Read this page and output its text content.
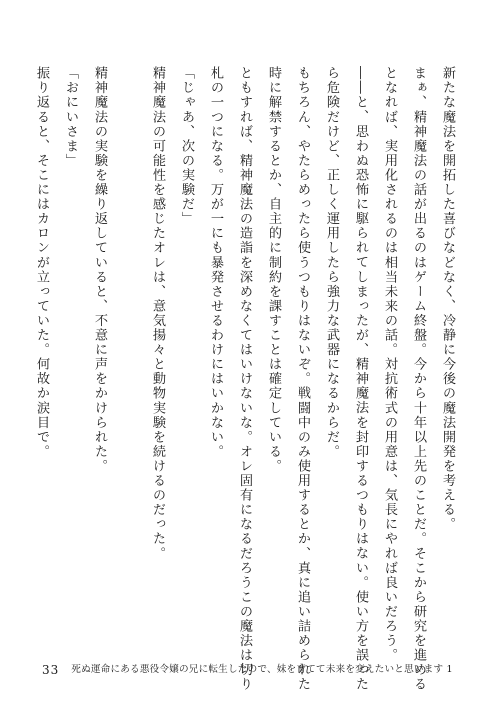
新たな魔法を開拓した喜びなどなく、冷静に今後の魔法開発を考える。
まぁ、精神魔法の話が出るのはゲーム終盤。今から十年以上先のことだ。そこから研究を進める
となれば、実用化されるのは相当未来の話。対抗術式の用意は、気長にやれば良いだろう。
――と、思わぬ恐怖に駆られてしまったが、精神魔法を封印するつもりはない。使い方を誤った
ら危険だけど、正しく運用したら強力な武器になるからだ。
もちろん、やたらめったら使うつもりはないぞ。戦闘中のみ使用するとか、真に追い詰められた
時に解禁するとか、自主的に制約を課すことは確定している。
ともすれば、精神魔法の造詣を深めなくてはいけないな。オレ固有になるだろうこの魔法は切り
札の一つになる。万が一にも暴発させるわけにはいかない。
「じゃあ、次の実験だ」
精神魔法の可能性を感じたオレは、意気揚々と動物実験を続けるのだった。

精神魔法の実験を繰り返していると、不意に声をかけられた。
「おにいさま」
振り返ると、そこにはカロンが立っていた。何故か涙目で。
33 死ぬ運命にある悪役令嬢の兄に転生したので、妹を育てて未来を変えたいと思います 1
